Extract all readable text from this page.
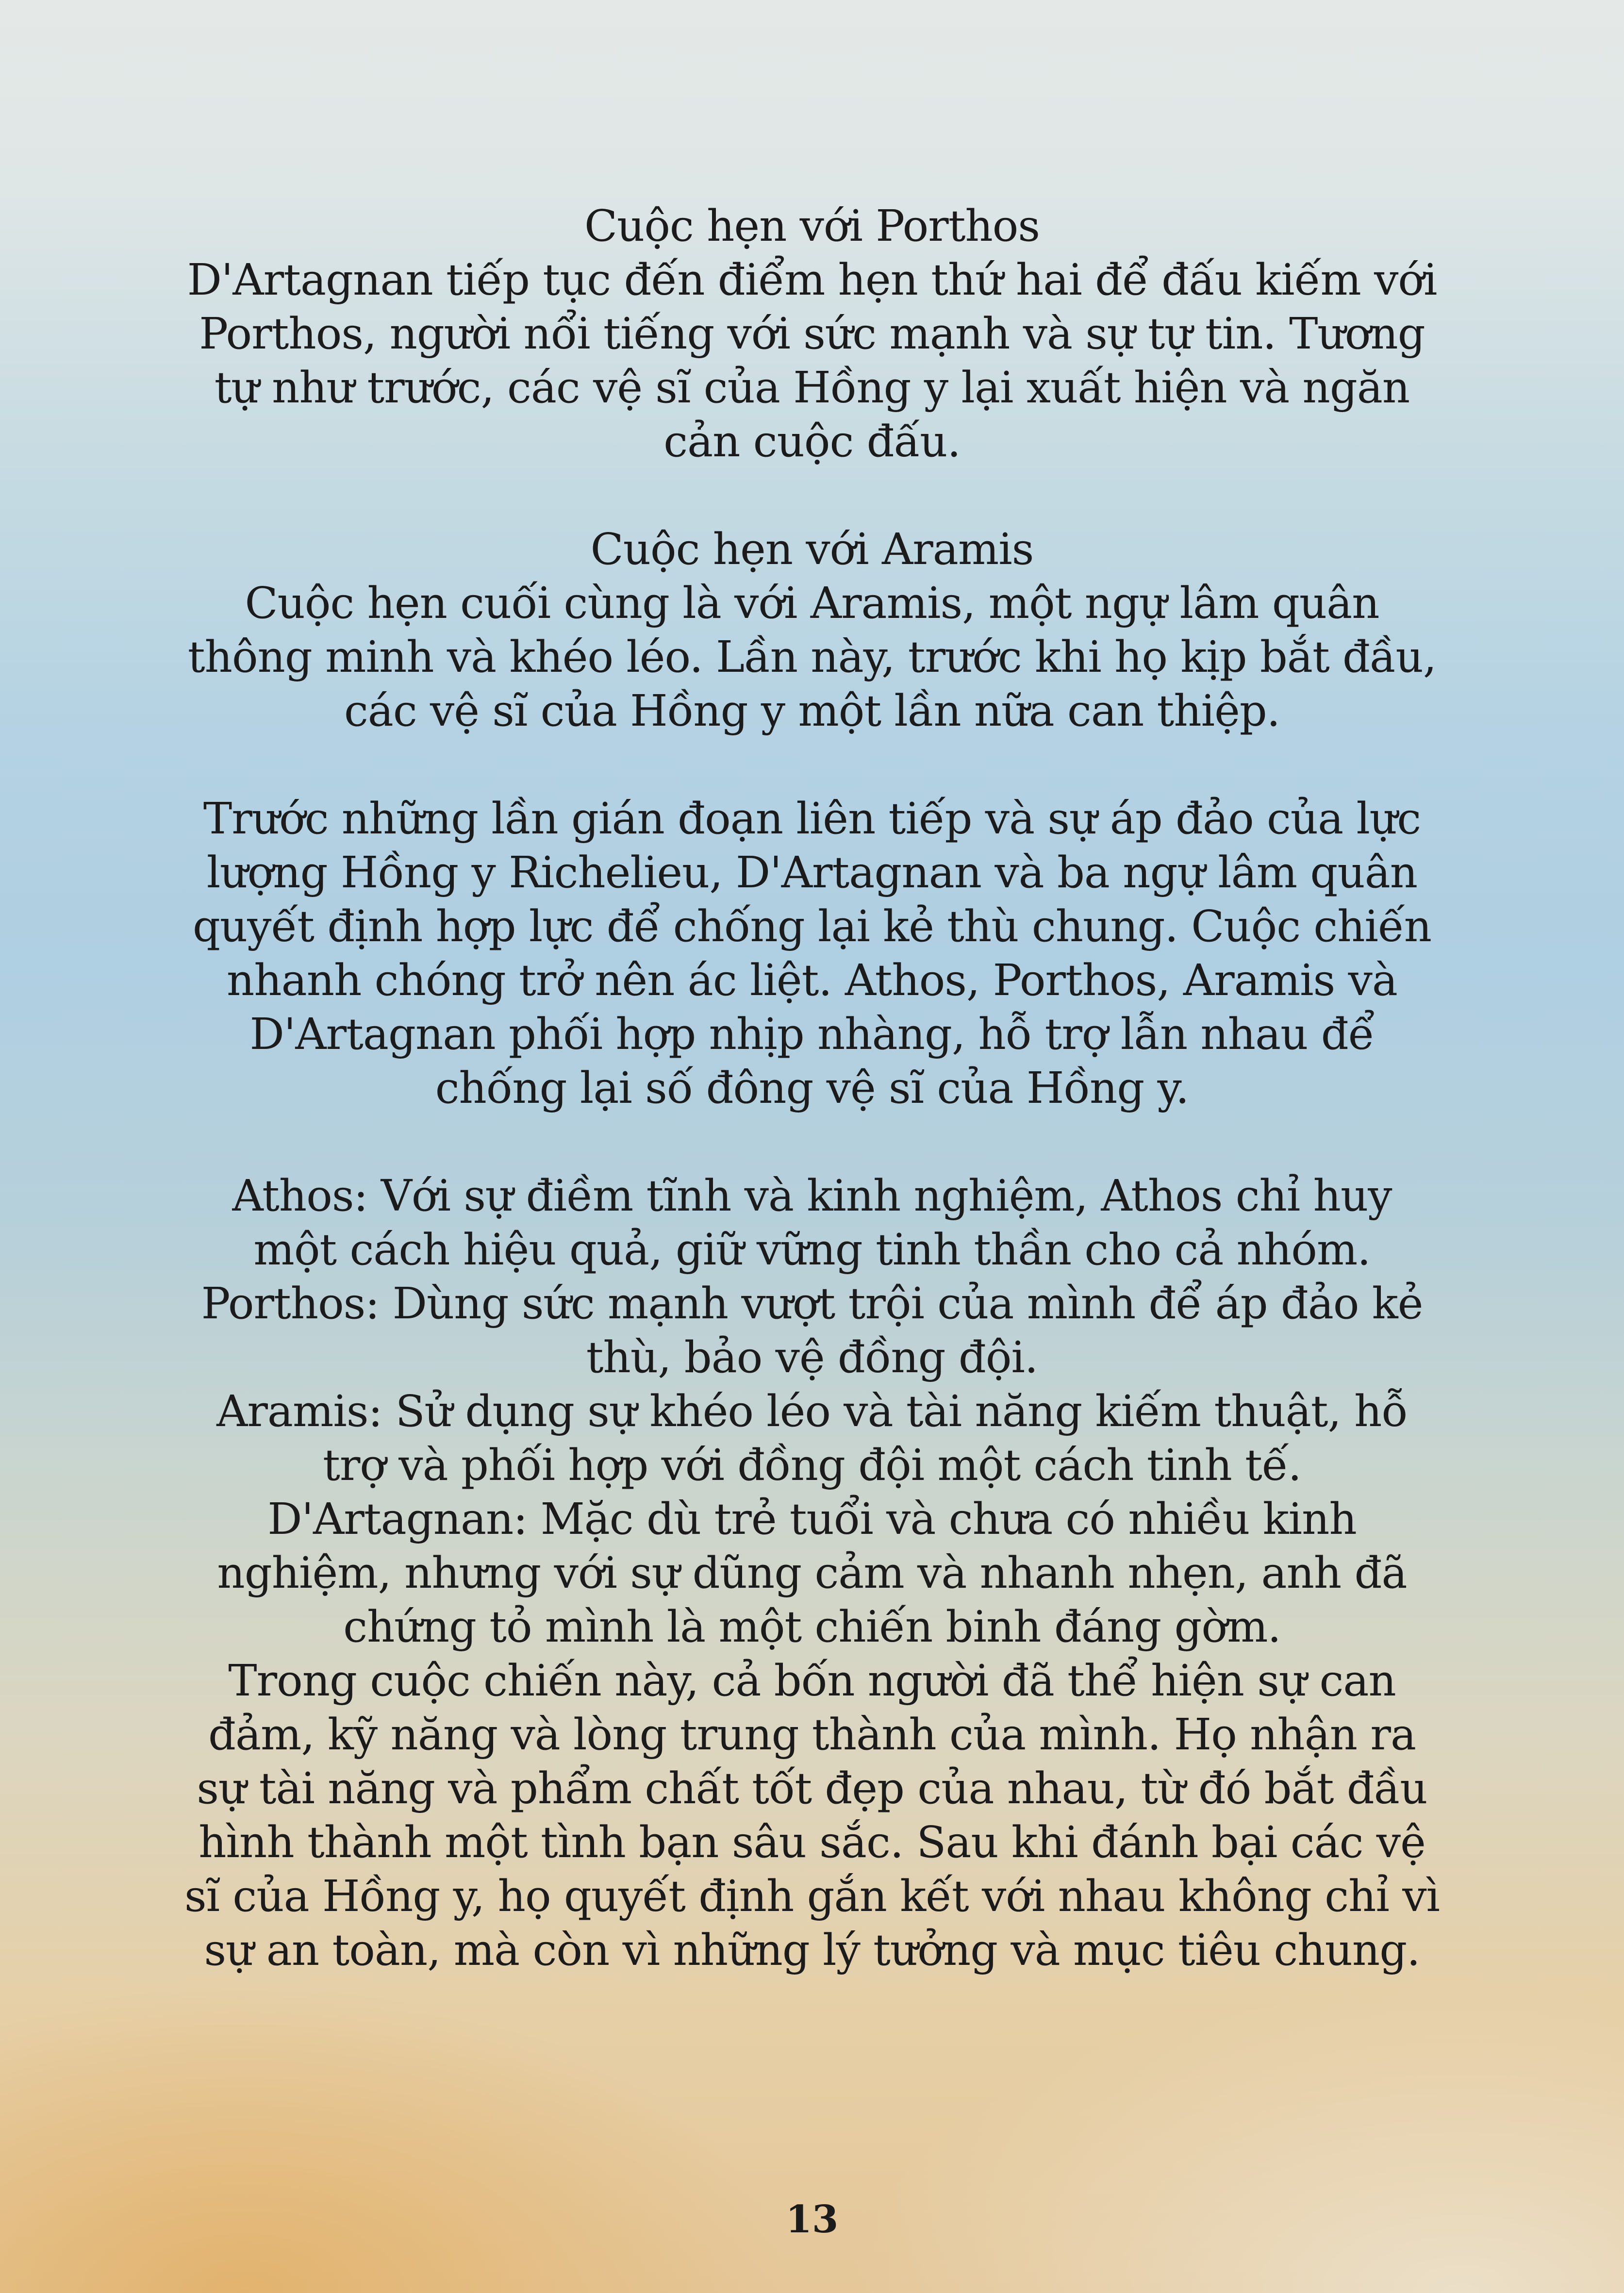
Cuộc hẹn với Porthos

D'Artagnan tiếp tục đến điểm hẹn thứ hai để đấu kiếm với Porthos, người nổi tiếng với sức mạnh và sự tự tin. Tương tự như trước, các vệ sĩ của Hồng y lại xuất hiện và ngăn cản cuộc đấu.

Cuộc hẹn với Aramis

Cuộc hẹn cuối cùng là với Aramis, một ngự lâm quân thông minh và khéo léo. Lần này, trước khi họ kịp bắt đầu, các vệ sĩ của Hồng y một lần nữa can thiệp.

Trước những lần gián đoạn liên tiếp và sự áp đảo của lực lượng Hồng y Richelieu, D'Artagnan và ba ngự lâm quân quyết định hợp lực để chống lại kẻ thù chung. Cuộc chiến nhanh chóng trở nên ác liệt. Athos, Porthos, Aramis và D'Artagnan phối hợp nhịp nhàng, hỗ trợ lẫn nhau để chống lại số đông vệ sĩ của Hồng y.

Athos: Với sự điềm tĩnh và kinh nghiệm, Athos chỉ huy một cách hiệu quả, giữ vững tinh thần cho cả nhóm.

Porthos: Dùng sức mạnh vượt trội của mình để áp đảo kẻ thù, bảo vệ đồng đội.

Aramis: Sử dụng sự khéo léo và tài năng kiếm thuật, hỗ trợ và phối hợp với đồng đội một cách tinh tế.

D'Artagnan: Mặc dù trẻ tuổi và chưa có nhiều kinh nghiệm, nhưng với sự dũng cảm và nhanh nhẹn, anh đã chứng tỏ mình là một chiến binh đáng gờm.

Trong cuộc chiến này, cả bốn người đã thể hiện sự can đảm, kỹ năng và lòng trung thành của mình. Họ nhận ra sự tài năng và phẩm chất tốt đẹp của nhau, từ đó bắt đầu hình thành một tình bạn sâu sắc. Sau khi đánh bại các vệ sĩ của Hồng y, họ quyết định gắn kết với nhau không chỉ vì sự an toàn, mà còn vì những lý tưởng và mục tiêu chung.

13
